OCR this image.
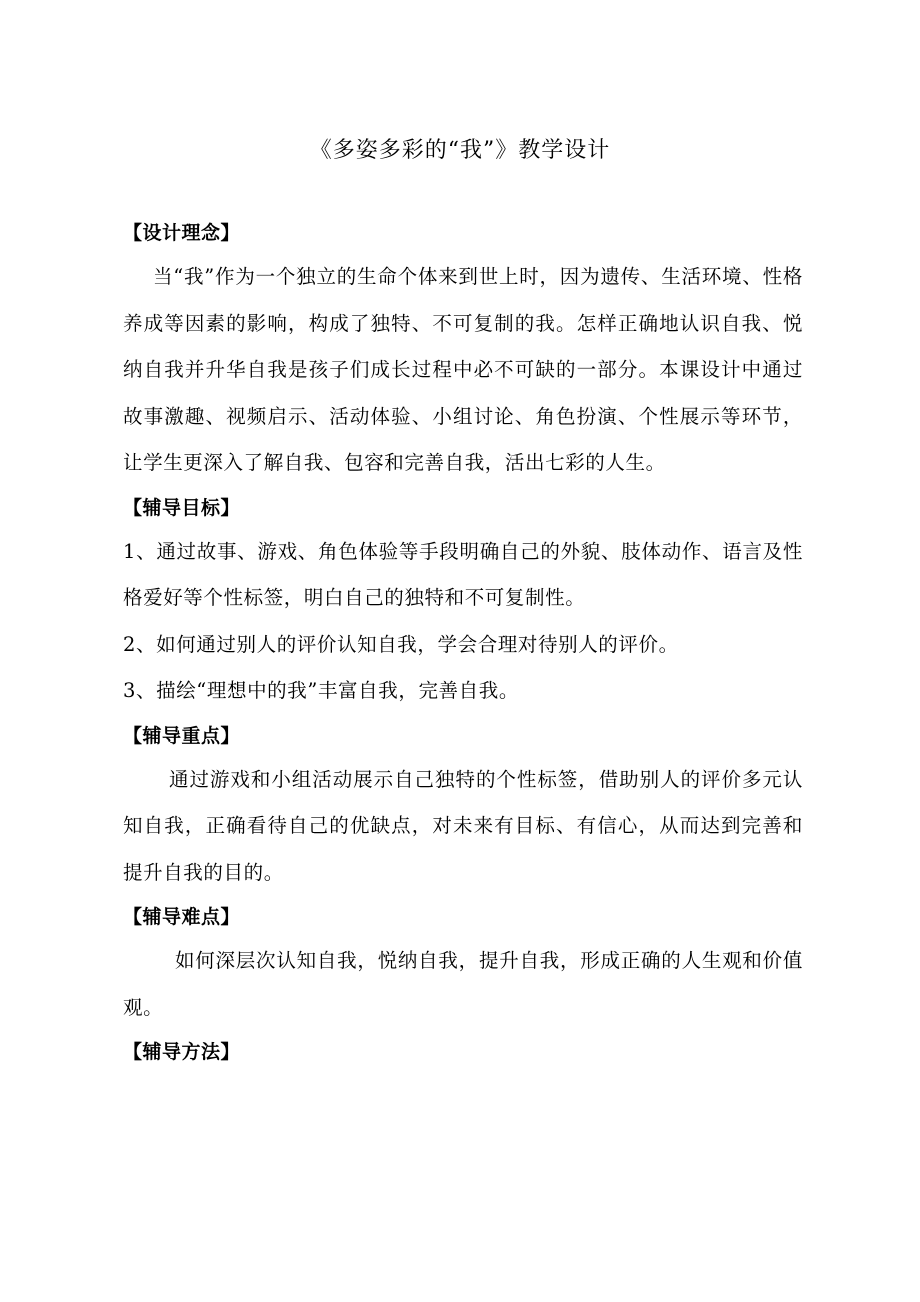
《多姿多彩的“我”》教学设计

【设计理念】

当“我”作为一个独立的生命个体来到世上时，因为遗传、生活环境、性格养成等因素的影响，构成了独特、不可复制的我。怎样正确地认识自我、悦纳自我并升华自我是孩子们成长过程中必不可缺的一部分。本课设计中通过故事激趣、视频启示、活动体验、小组讨论、角色扮演、个性展示等环节，让学生更深入了解自我、包容和完善自我，活出七彩的人生。

【辅导目标】

1、通过故事、游戏、角色体验等手段明确自己的外貌、肢体动作、语言及性格爱好等个性标签，明白自己的独特和不可复制性。

2、如何通过别人的评价认知自我，学会合理对待别人的评价。

3、描绘“理想中的我”丰富自我，完善自我。

【辅导重点】

通过游戏和小组活动展示自己独特的个性标签，借助别人的评价多元认知自我，正确看待自己的优缺点，对未来有目标、有信心，从而达到完善和提升自我的目的。

【辅导难点】

如何深层次认知自我，悦纳自我，提升自我，形成正确的人生观和价值观。

【辅导方法】
